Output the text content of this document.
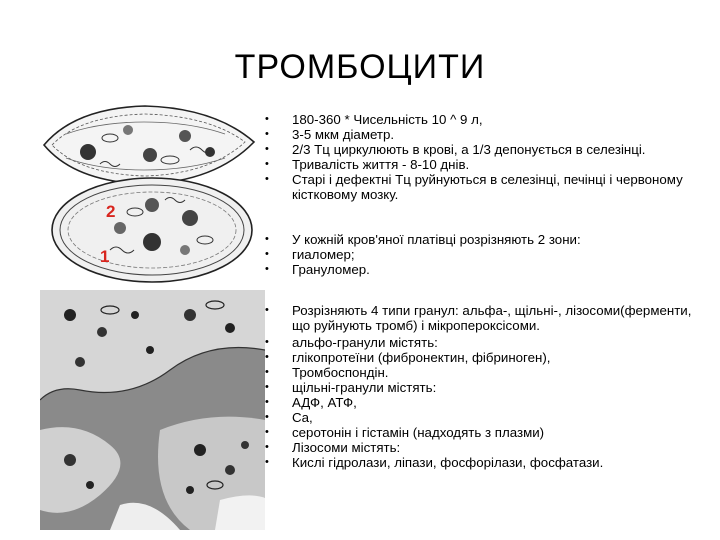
ТРОМБОЦИТИ
2
1
• 180-360 * Чисельність 10 ^ 9 л,
• 3-5 мкм діаметр.
• 2/3 Тц циркулюють в крові, а 1/3 депонується в селезінці.
• Тривалість життя - 8-10 днів.
• Старі і дефектні Тц руйнуються в селезінці, печінці і червоному кістковому мозку.
• У кожній кров'яної платівці розрізняють 2 зони:
• гиаломер;
• Грануломер.
• Розрізняють 4 типи гранул: альфа-, щільні-, лізосоми(ферменти, що руйнують тромб) і мікропероксісоми.
• альфо-гранули містять:
• глікопротеїни (фибронектин, фібриноген),
• Тромбоспондін.
• щільні-гранули містять:
• АДФ, АТФ,
• Ca,
• серотонін і гістамін (надходять з плазми)
• Лізосоми містять:
• Кислі гідролази, ліпази, фосфорілази, фосфатази.
